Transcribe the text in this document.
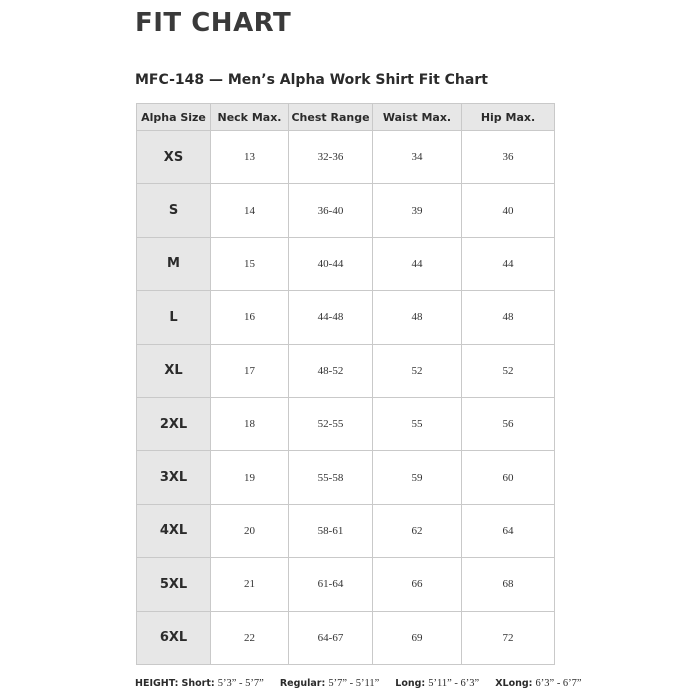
FIT CHART
MFC-148 — Men’s Alpha Work Shirt Fit Chart
Alpha Size	Neck Max.	Chest Range	Waist Max.	Hip Max.
XS	13	32-36	34	36
S	14	36-40	39	40
M	15	40-44	44	44
L	16	44-48	48	48
XL	17	48-52	52	52
2XL	18	52-55	55	56
3XL	19	55-58	59	60
4XL	20	58-61	62	64
5XL	21	61-64	66	68
6XL	22	64-67	69	72
HEIGHT: Short: 5’3” - 5’7” Regular: 5’7” - 5’11” Long: 5’11” - 6’3” XLong: 6’3” - 6’7”
